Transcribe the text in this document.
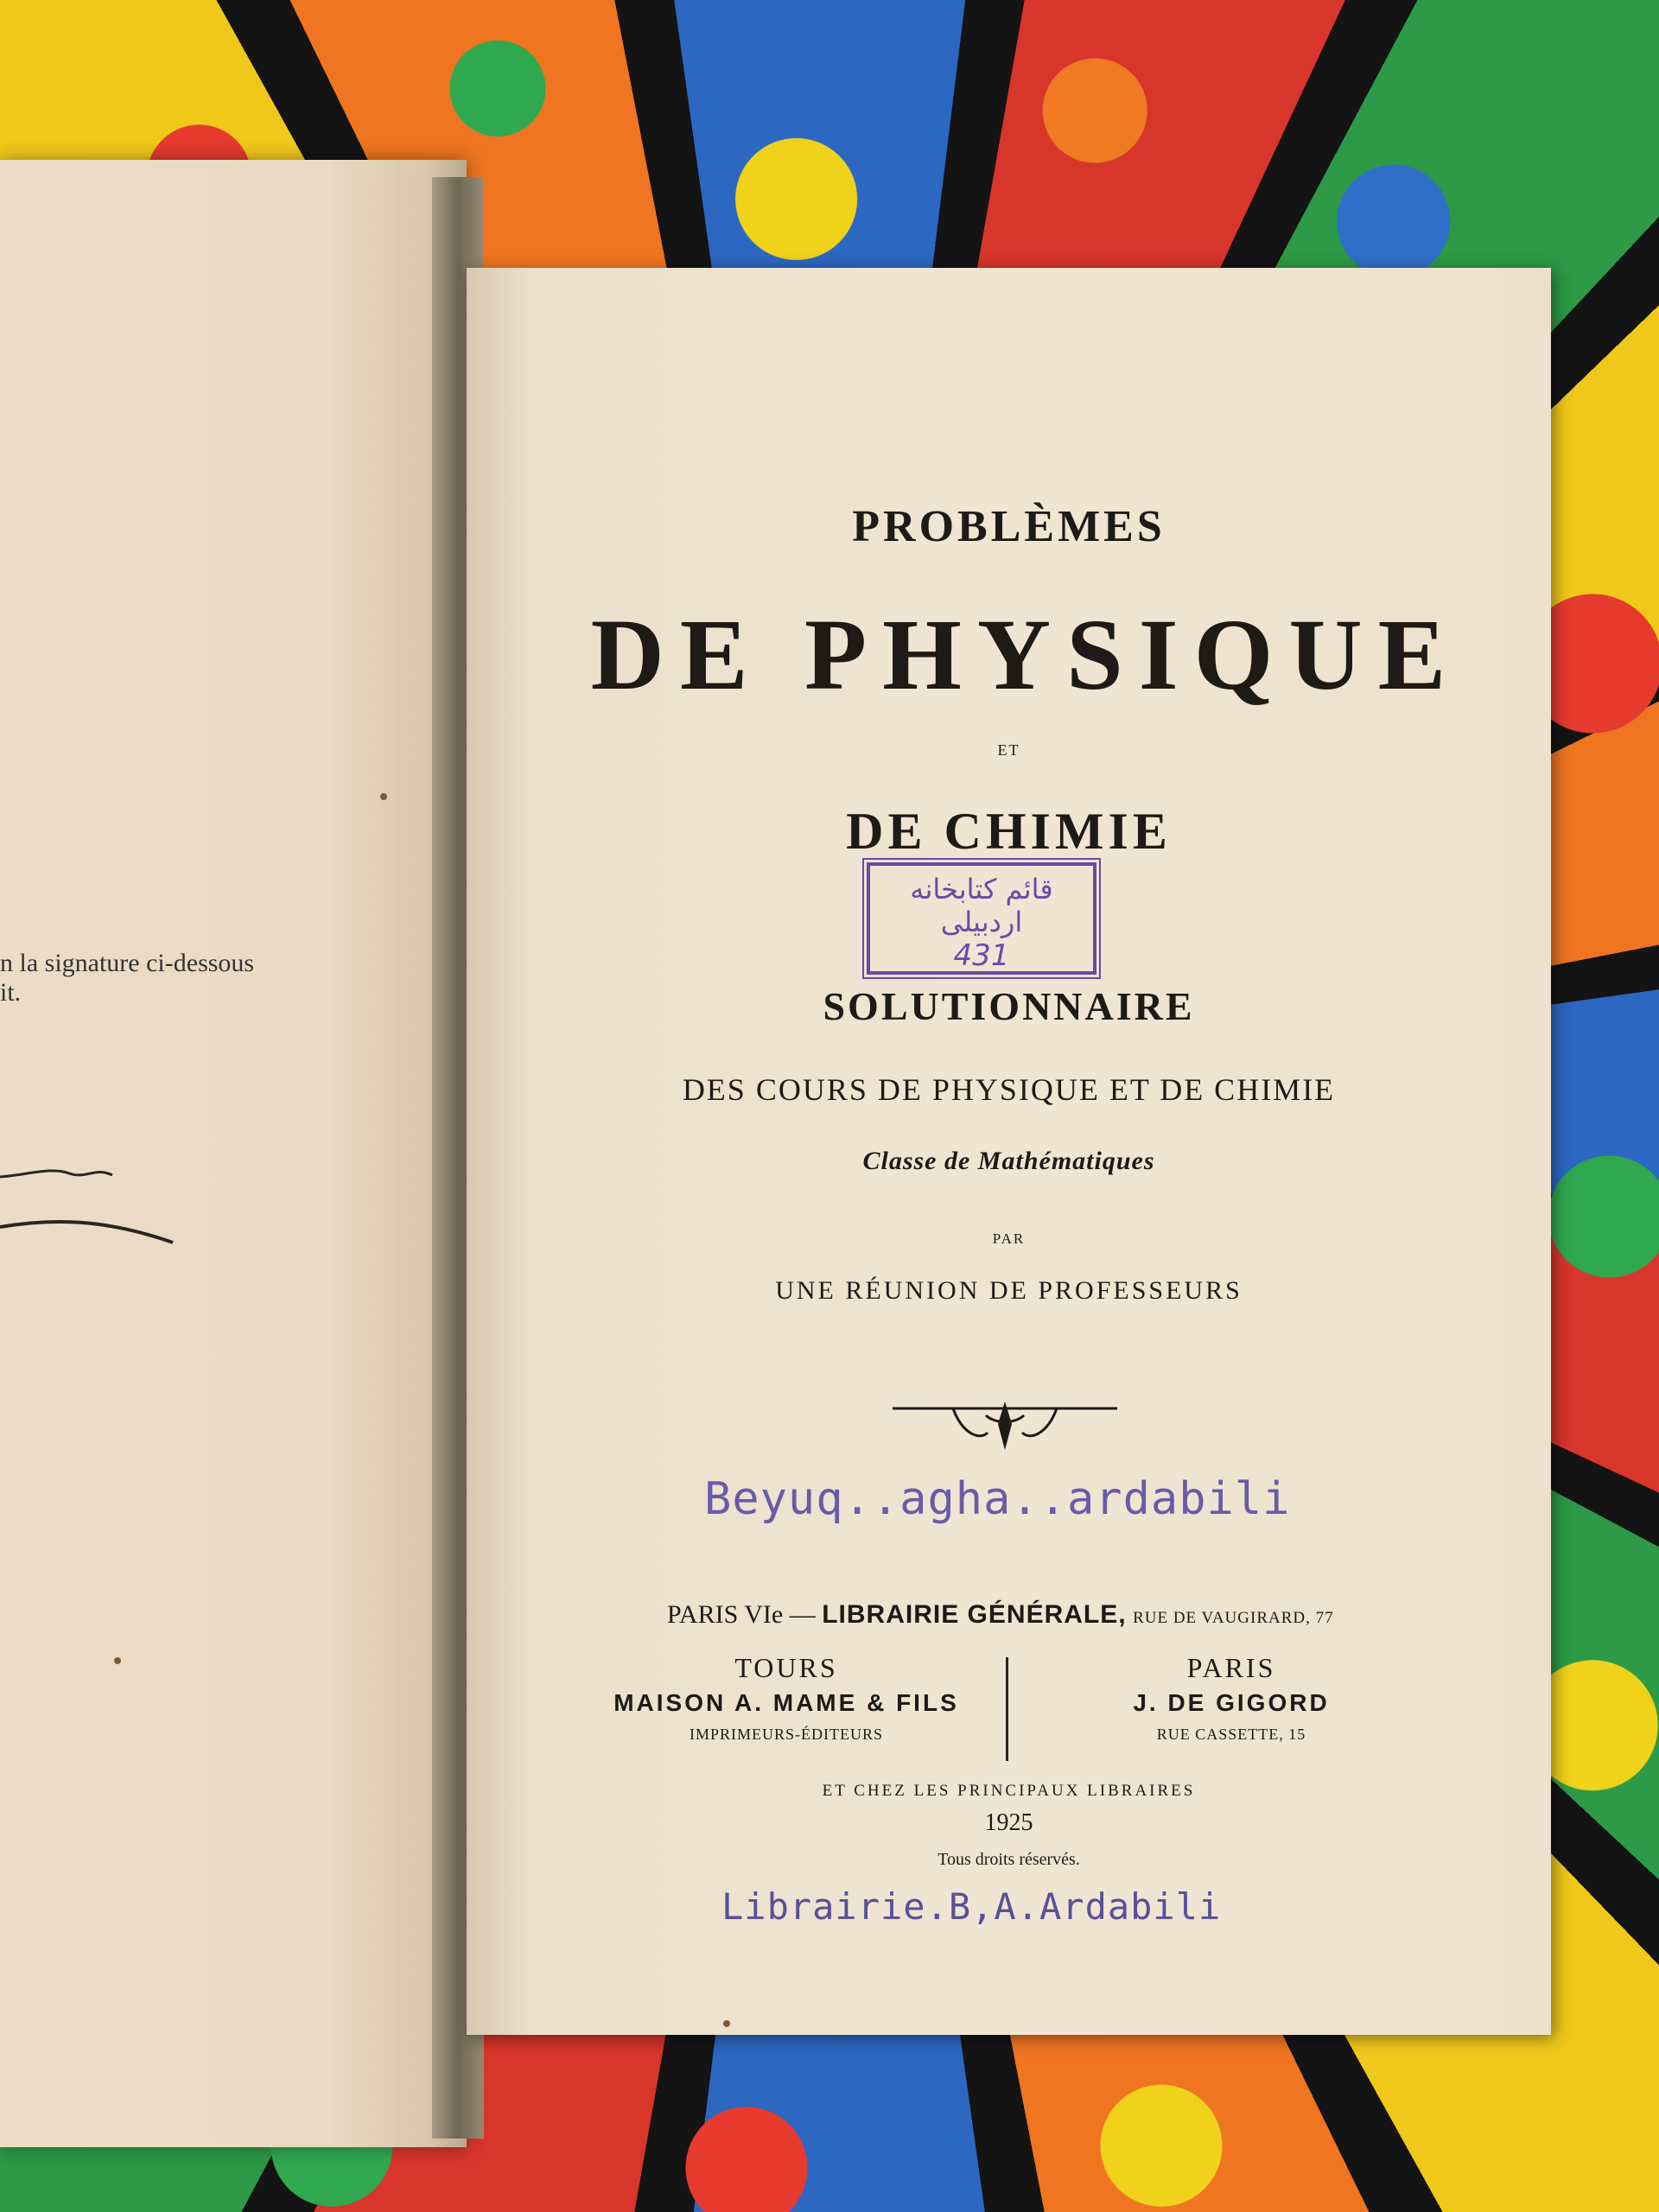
n la signature ci-dessous
it.
PROBLÈMES
DE PHYSIQUE
ET
DE CHIMIE
قائم کتابخانه اردبیلی
431
SOLUTIONNAIRE
DES COURS DE PHYSIQUE ET DE CHIMIE
Classe de Mathématiques
PAR
UNE RÉUNION DE PROFESSEURS
Beyuq..agha..ardabili
PARIS VIe — LIBRAIRIE GÉNÉRALE, RUE DE VAUGIRARD, 77
TOURS
MAISON A. MAME & FILS
IMPRIMEURS-ÉDITEURS
PARIS
J. DE GIGORD
RUE CASSETTE, 15
ET CHEZ LES PRINCIPAUX LIBRAIRES
1925
Tous droits réservés.
Librairie.B,A.Ardabili
